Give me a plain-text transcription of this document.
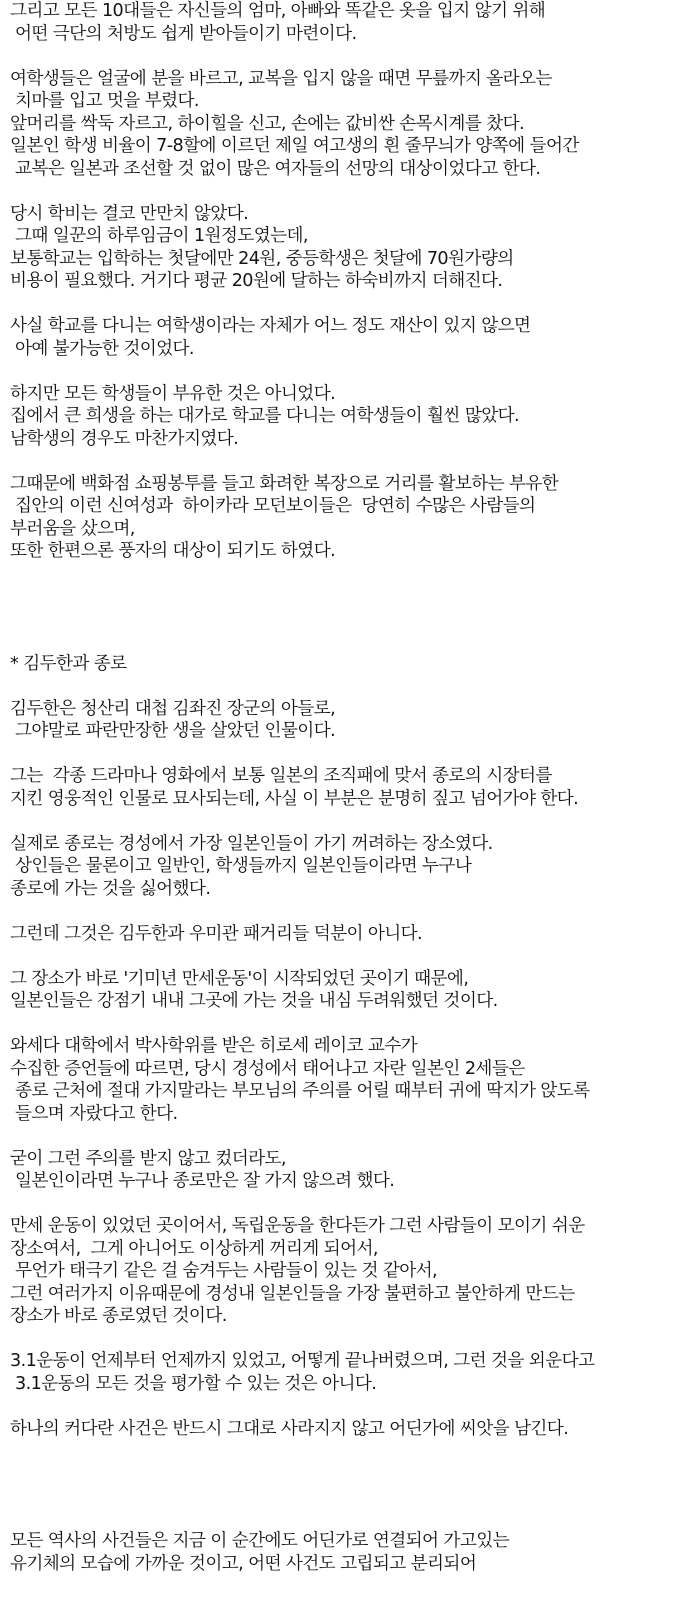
그리고 모든 10대들은 자신들의 엄마, 아빠와 똑같은 옷을 입지 않기 위해
어떤 극단의 처방도 쉽게 받아들이기 마련이다.
여학생들은 얼굴에 분을 바르고, 교복을 입지 않을 때면 무릎까지 올라오는
치마를 입고 멋을 부렸다.
앞머리를 싹둑 자르고, 하이힐을 신고, 손에는 값비싼 손목시계를 찼다.
일본인 학생 비율이 7-8할에 이르던 제일 여고생의 흰 줄무늬가 양쪽에 들어간
교복은 일본과 조선할 것 없이 많은 여자들의 선망의 대상이었다고 한다.
당시 학비는 결코 만만치 않았다.
그때 일꾼의 하루임금이 1원정도였는데,
보통학교는 입학하는 첫달에만 24원, 중등학생은 첫달에 70원가량의
비용이 필요했다. 거기다 평균 20원에 달하는 하숙비까지 더해진다.
사실 학교를 다니는 여학생이라는 자체가 어느 정도 재산이 있지 않으면
아예 불가능한 것이었다.
하지만 모든 학생들이 부유한 것은 아니었다.
집에서 큰 희생을 하는 대가로 학교를 다니는 여학생들이 훨씬 많았다.
남학생의 경우도 마찬가지였다.
그때문에 백화점 쇼핑봉투를 들고 화려한 복장으로 거리를 활보하는 부유한
집안의 이런 신여성과  하이카라 모던보이들은  당연히 수많은 사람들의
부러움을 샀으며,
또한 한편으론 풍자의 대상이 되기도 하였다.
* 김두한과 종로
김두한은 청산리 대첩 김좌진 장군의 아들로,
그야말로 파란만장한 생을 살았던 인물이다.
그는  각종 드라마나 영화에서 보통 일본의 조직패에 맞서 종로의 시장터를
지킨 영웅적인 인물로 묘사되는데, 사실 이 부분은 분명히 짚고 넘어가야 한다.
실제로 종로는 경성에서 가장 일본인들이 가기 꺼려하는 장소였다.
상인들은 물론이고 일반인, 학생들까지 일본인들이라면 누구나
종로에 가는 것을 싫어했다.
그런데 그것은 김두한과 우미관 패거리들 덕분이 아니다.
그 장소가 바로 '기미년 만세운동'이 시작되었던 곳이기 때문에,
일본인들은 강점기 내내 그곳에 가는 것을 내심 두려워했던 것이다.
와세다 대학에서 박사학위를 받은 히로세 레이코 교수가
수집한 증언들에 따르면, 당시 경성에서 태어나고 자란 일본인 2세들은
종로 근처에 절대 가지말라는 부모님의 주의를 어릴 때부터 귀에 딱지가 앉도록
들으며 자랐다고 한다.
굳이 그런 주의를 받지 않고 컸더라도,
일본인이라면 누구나 종로만은 잘 가지 않으려 했다.
만세 운동이 있었던 곳이어서, 독립운동을 한다든가 그런 사람들이 모이기 쉬운
장소여서,  그게 아니어도 이상하게 꺼리게 되어서,
무언가 태극기 같은 걸 숨겨두는 사람들이 있는 것 같아서,
그런 여러가지 이유때문에 경성내 일본인들을 가장 불편하고 불안하게 만드는
장소가 바로 종로였던 것이다.
3.1운동이 언제부터 언제까지 있었고, 어떻게 끝나버렸으며, 그런 것을 외운다고
3.1운동의 모든 것을 평가할 수 있는 것은 아니다.
하나의 커다란 사건은 반드시 그대로 사라지지 않고 어딘가에 씨앗을 남긴다.
모든 역사의 사건들은 지금 이 순간에도 어딘가로 연결되어 가고있는
유기체의 모습에 가까운 것이고, 어떤 사건도 고립되고 분리되어
